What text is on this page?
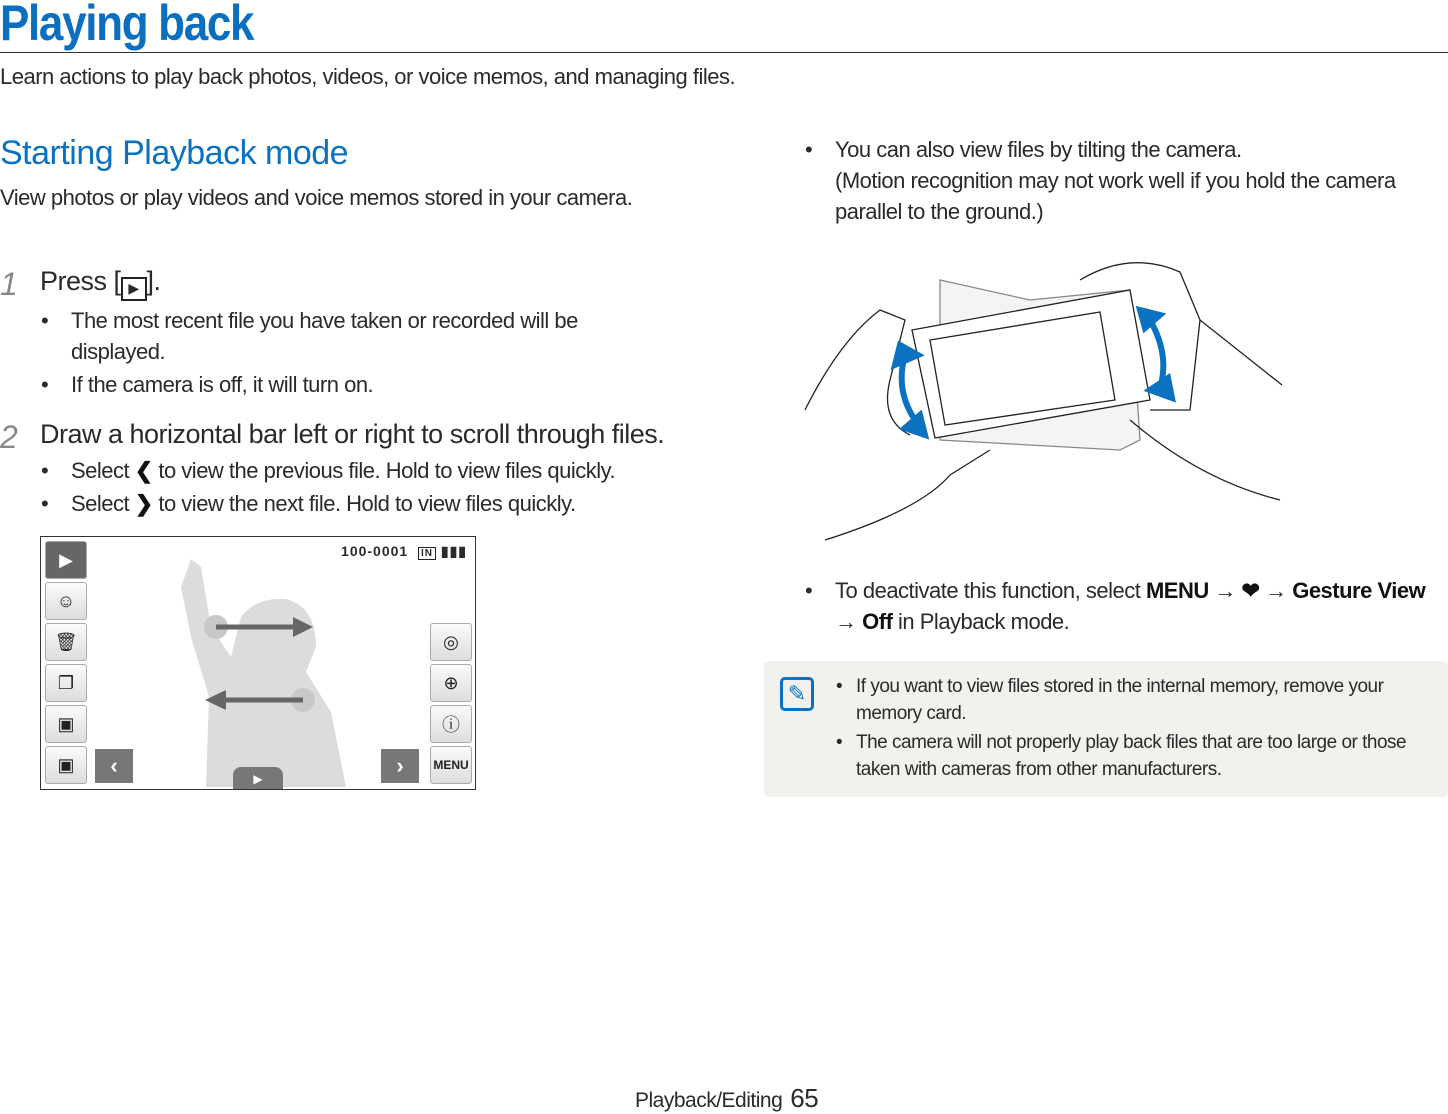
Playing back
Learn actions to play back photos, videos, or voice memos, and managing files.
Starting Playback mode
View photos or play videos and voice memos stored in your camera.
1 Press [ ▶ ].
• The most recent file you have taken or recorded will be displayed.
• If the camera is off, it will turn on.
2 Draw a horizontal bar left or right to scroll through files.
• Select ❮ to view the previous file. Hold to view files quickly.
• Select ❯ to view the next file. Hold to view files quickly.
100-0001 IN ▮▮▮
▶
☺
🗑
❐
▣
▣	‹	›
▶
◎
⊕
ⓘ
MENU
• You can also view files by tilting the camera.
(Motion recognition may not work well if you hold the camera parallel to the ground.)
• To deactivate this function, select MENU → ❤ → Gesture View → Off in Playback mode.
✎	• If you want to view files stored in the internal memory, remove your memory card.
• The camera will not properly play back files that are too large or those taken with cameras from other manufacturers.
Playback/Editing 65
